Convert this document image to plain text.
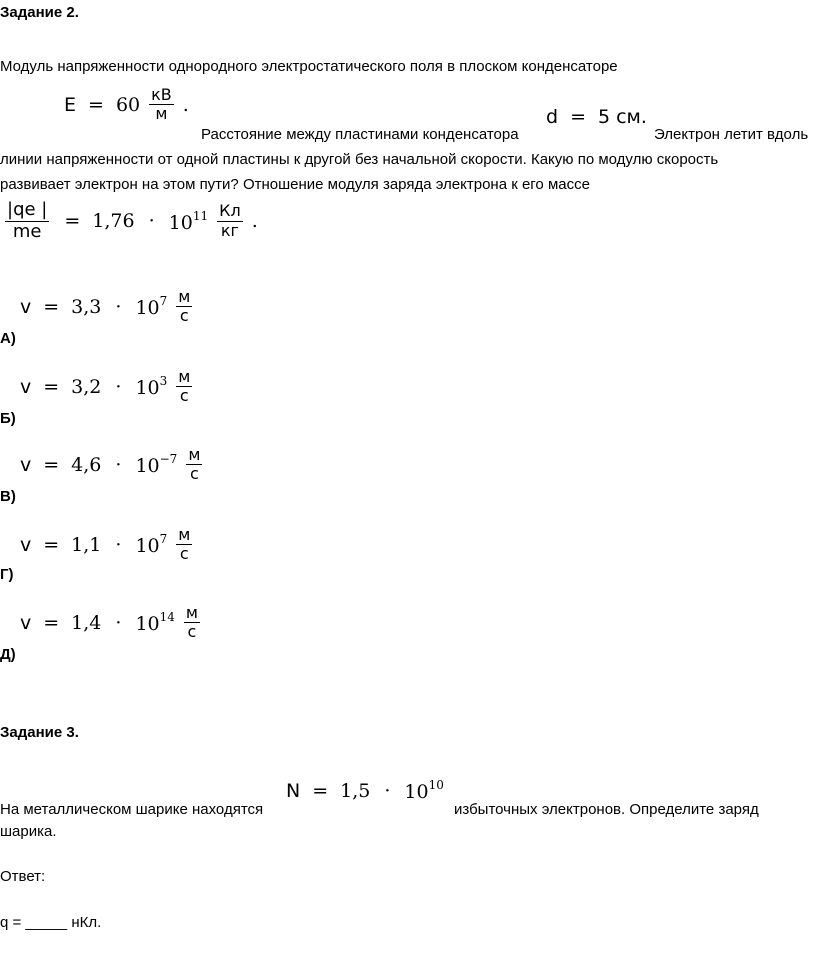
Задание 2.
Модуль напряженности однородного электростатического поля в плоском конденсаторе
$E = 60 \frac{кВ}{м}$ .
Расстояние между пластинами конденсатора
d = 5 см.
Электрон летит вдоль
линии напряженности от одной пластины к другой без начальной скорости. Какую по модулю скорость
развивает электрон на этом пути? Отношение модуля заряда электрона к его массе
$\frac{|qe |}{me} = 1,76 \cdot 10^{11} \frac{Кл}{кг}$ .
$v = 3,3 \cdot 10^7 \frac{м}{с}$
А)
$v = 3,2 \cdot 10^3 \frac{м}{с}$
Б)
$v = 4,6 \cdot 10^{-7} \frac{м}{с}$
В)
$v = 1,1 \cdot 10^7 \frac{м}{с}$
Г)
$v = 1,4 \cdot 10^{14} \frac{м}{с}$
Д)
Задание 3.
На металлическом шарике находятся
$N = 1,5 \cdot 10^{10}$
избыточных электронов. Определите заряд
шарика.
Ответ:
q = _____ нКл.
